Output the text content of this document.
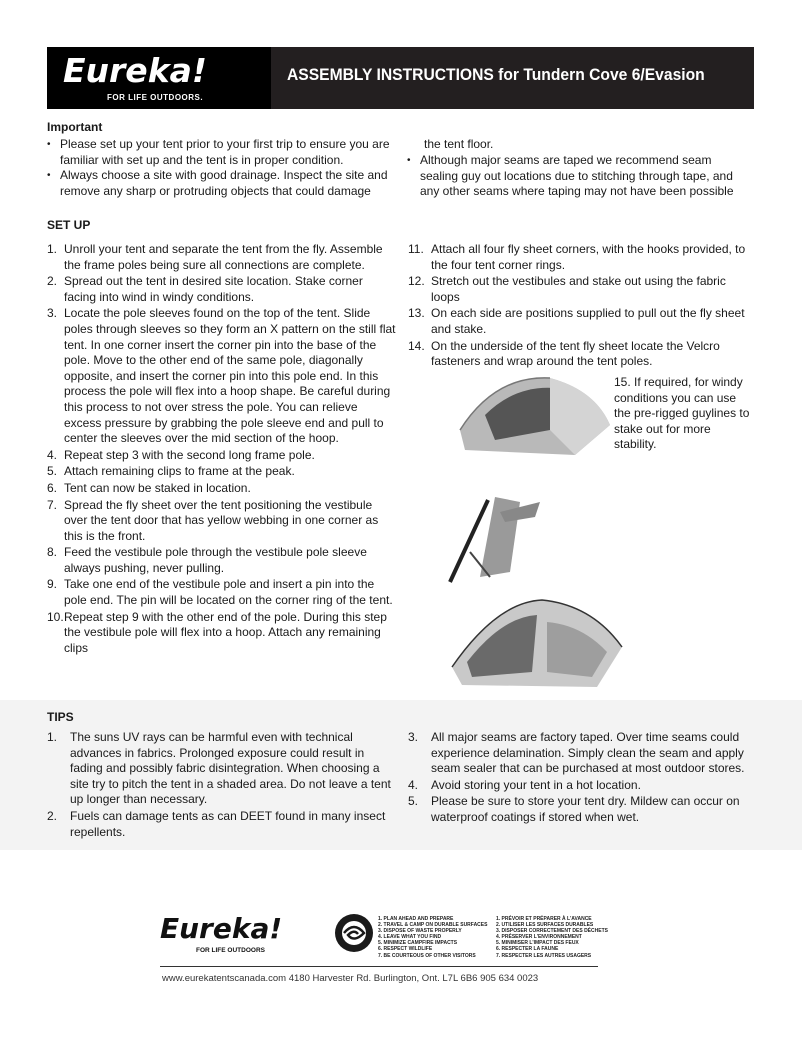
Eureka!
FOR LIFE OUTDOORS.
ASSEMBLY INSTRUCTIONS for Tundern Cove 6/Evasion
Important
• Please set up your tent prior to your first trip to ensure you are familiar with set up and the tent is in proper condition.
• Always choose a site with good drainage. Inspect the site and remove any sharp or protruding objects that could damage
the tent floor.
• Although major seams are taped we recommend seam sealing guy out locations due to stitching through tape, and any other seams where taping may not have been possible
SET UP
1. Unroll your tent and separate the tent from the fly. Assemble the frame poles being sure all connections are complete.
2. Spread out the tent in desired site location. Stake corner facing into wind in windy conditions.
3. Locate the pole sleeves found on the top of the tent. Slide poles through sleeves so they form an X pattern on the still flat tent. In one corner insert the corner pin into the base of the pole. Move to the other end of the same pole, diagonally opposite, and insert the corner pin into this pole end. In this process the pole will flex into a hoop shape. Be careful during this process to not over stress the pole. You can relieve excess pressure by grabbing the pole sleeve end and pull to center the sleeves over the mid section of the hoop.
4. Repeat step 3 with the second long frame pole.
5. Attach remaining clips to frame at the peak.
6. Tent can now be staked in location.
7. Spread the fly sheet over the tent positioning the vestibule over the tent door that has yellow webbing in one corner as this is the front.
8. Feed the vestibule pole through the vestibule pole sleeve always pushing, never pulling.
9. Take one end of the vestibule pole and insert a pin into the pole end. The pin will be located on the corner ring of the tent.
10. Repeat step 9 with the other end of the pole. During this step the vestibule pole will flex into a hoop. Attach any remaining clips
11. Attach all four fly sheet corners, with the hooks provided, to the four tent corner rings.
12. Stretch out the vestibules and stake out using the fabric loops
13. On each side are positions supplied to pull out the fly sheet and stake.
14. On the underside of the tent fly sheet locate the Velcro fasteners and wrap around the tent poles.
15. If required, for windy conditions you can use the pre-rigged guylines to stake out for more stability.
TIPS
1. The suns UV rays can be harmful even with technical advances in fabrics. Prolonged exposure could result in fading and possibly fabric disintegration. When choosing a site try to pitch the tent in a shaded area. Do not leave a tent up longer than necessary.
2. Fuels can damage tents as can DEET found in many insect repellents.
3. All major seams are factory taped. Over time seams could experience delamination. Simply clean the seam and apply seam sealer that can be purchased at most outdoor stores.
4. Avoid storing your tent in a hot location.
5. Please be sure to store your tent dry. Mildew can occur on waterproof coatings if stored when wet.
Eureka!
FOR LIFE OUTDOORS
1. PLAN AHEAD AND PREPARE
2. TRAVEL & CAMP ON DURABLE SURFACES
3. DISPOSE OF WASTE PROPERLY
4. LEAVE WHAT YOU FIND
5. MINIMIZE CAMPFIRE IMPACTS
6. RESPECT WILDLIFE
7. BE COURTEOUS OF OTHER VISITORS
1. PRÉVOIR ET PRÉPARER À L'AVANCE
2. UTILISER LES SURFACES DURABLES
3. DISPOSER CORRECTEMENT DES DÉCHETS
4. PRÉSERVER L'ENVIRONNEMENT
5. MINIMISER L'IMPACT DES FEUX
6. RESPECTER LA FAUNE
7. RESPECTER LES AUTRES USAGERS
www.eurekatentscanada.com 4180 Harvester Rd. Burlington, Ont. L7L 6B6 905 634 0023
